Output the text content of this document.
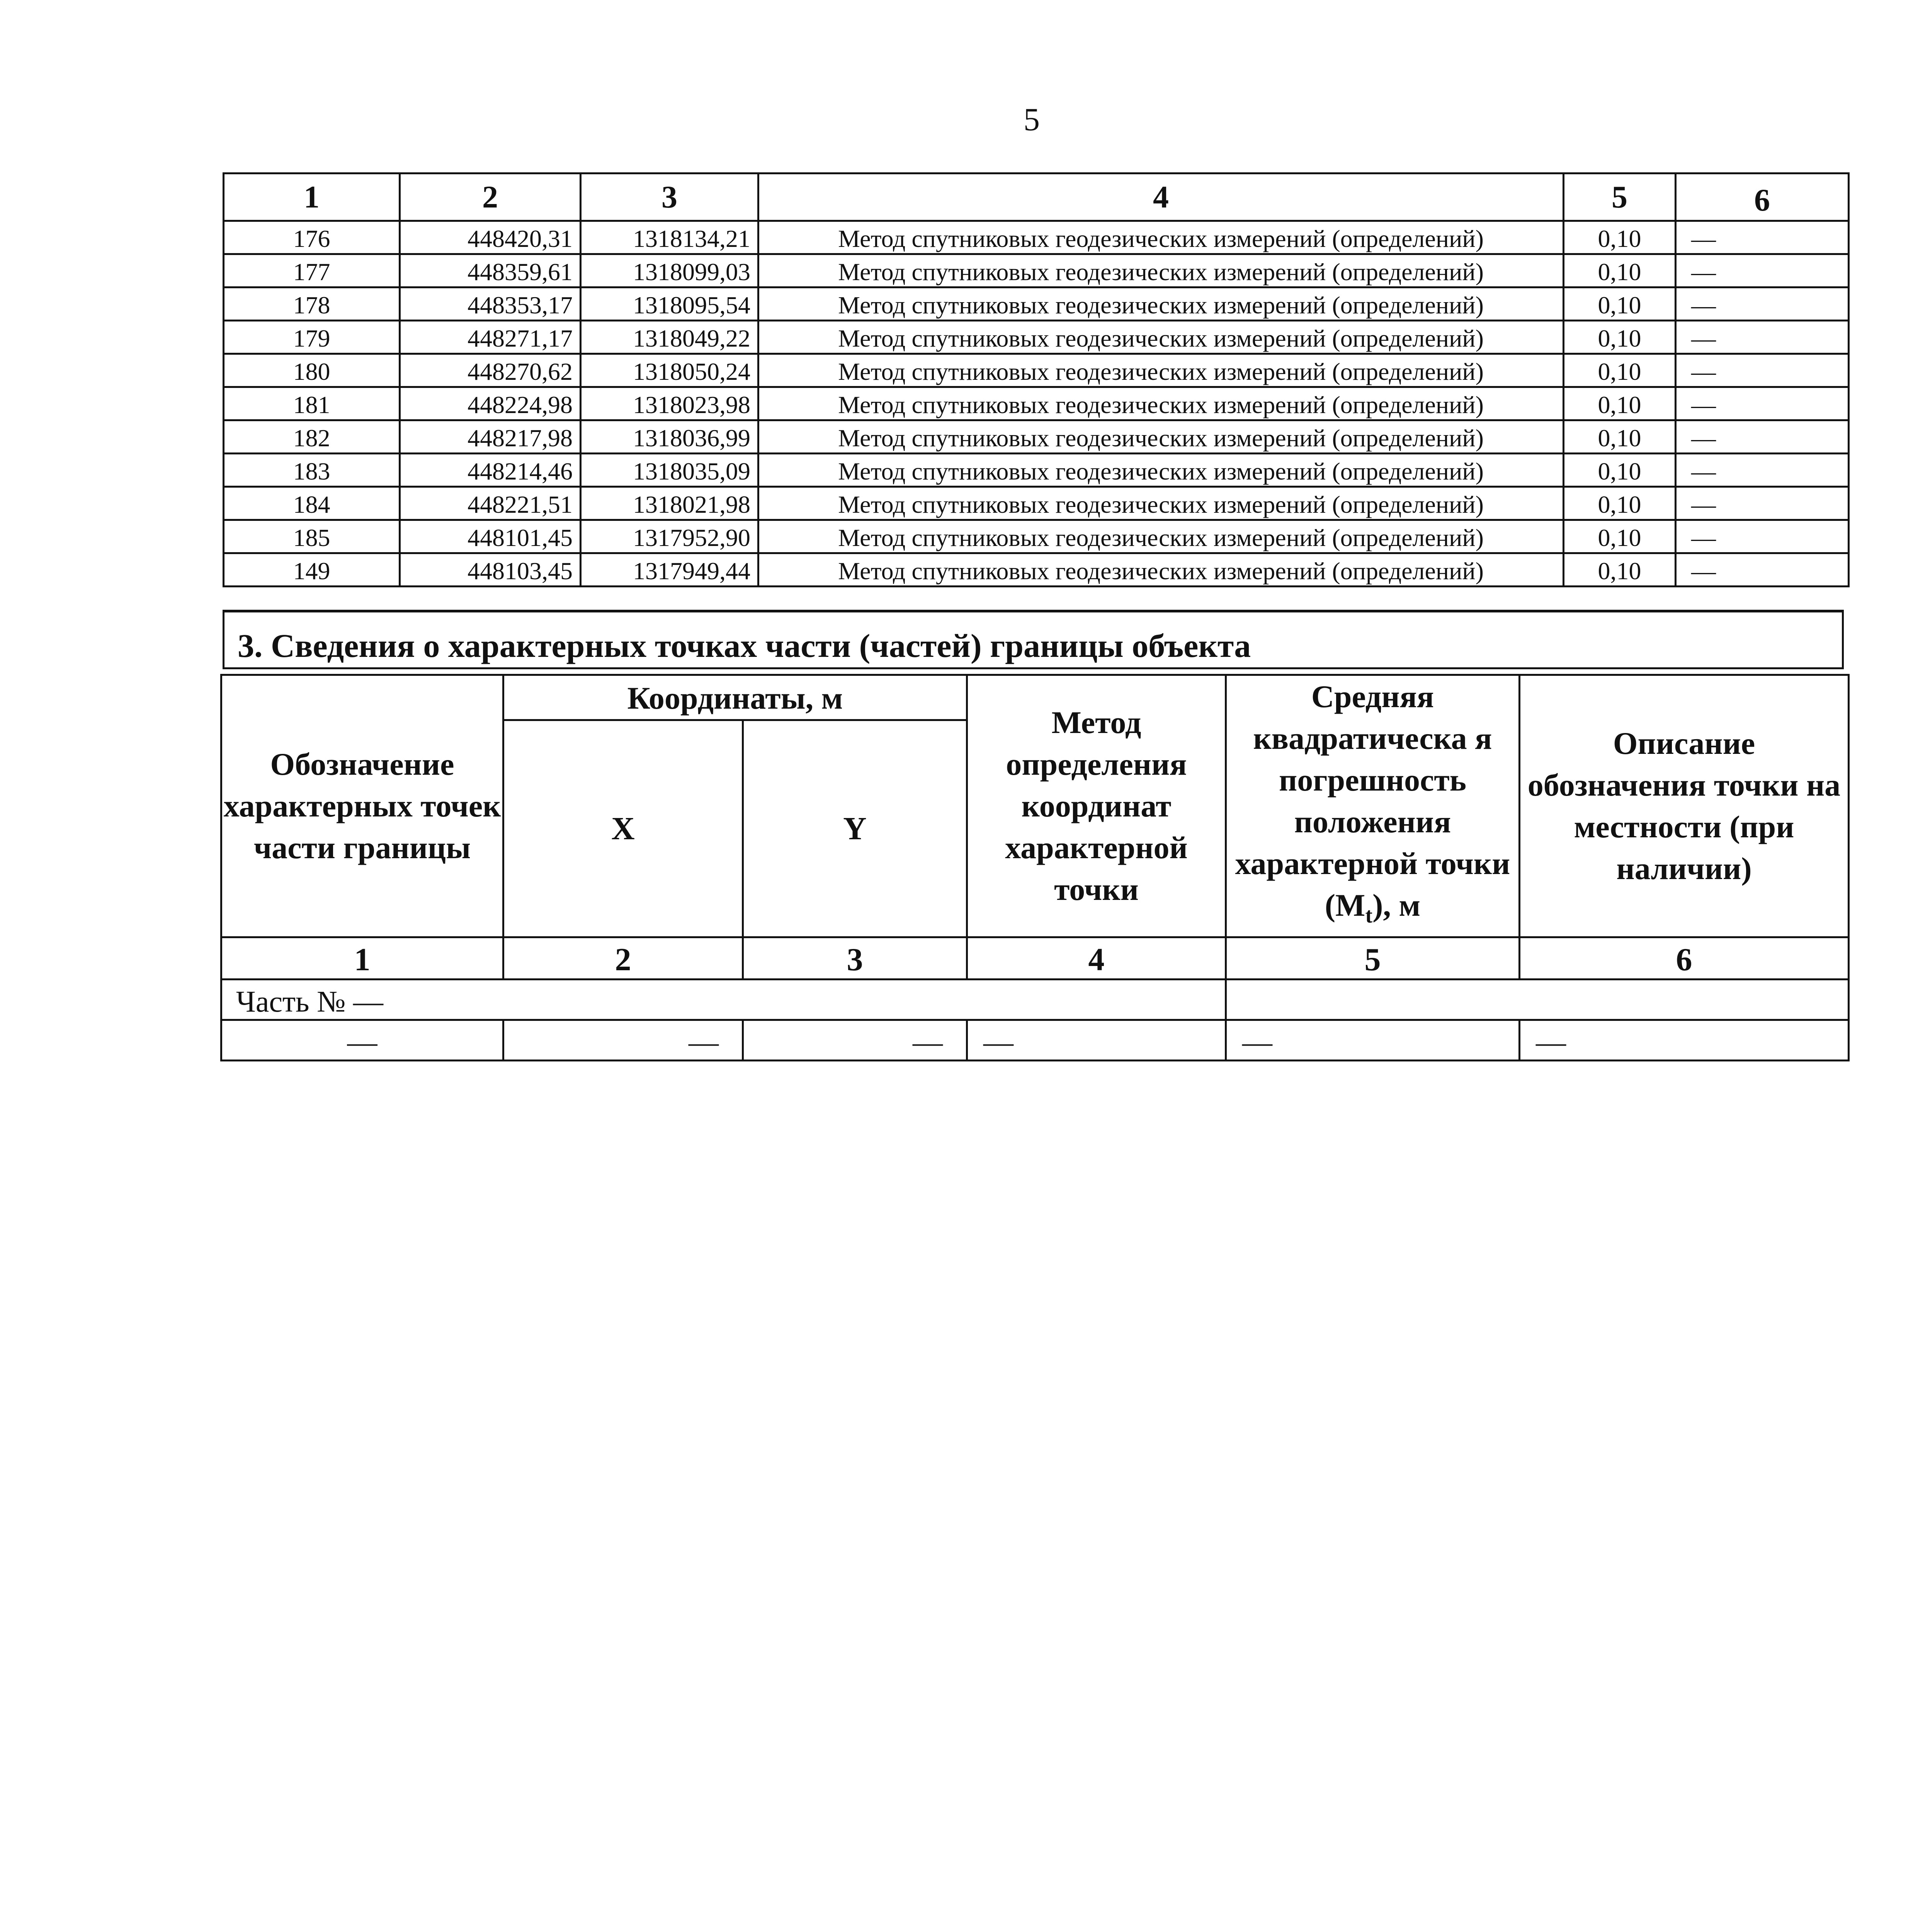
5
1	2	3	4	5	6
176	448420,31	1318134,21	Метод спутниковых геодезических измерений (определений)	0,10	—
177	448359,61	1318099,03	Метод спутниковых геодезических измерений (определений)	0,10	—
178	448353,17	1318095,54	Метод спутниковых геодезических измерений (определений)	0,10	—
179	448271,17	1318049,22	Метод спутниковых геодезических измерений (определений)	0,10	—
180	448270,62	1318050,24	Метод спутниковых геодезических измерений (определений)	0,10	—
181	448224,98	1318023,98	Метод спутниковых геодезических измерений (определений)	0,10	—
182	448217,98	1318036,99	Метод спутниковых геодезических измерений (определений)	0,10	—
183	448214,46	1318035,09	Метод спутниковых геодезических измерений (определений)	0,10	—
184	448221,51	1318021,98	Метод спутниковых геодезических измерений (определений)	0,10	—
185	448101,45	1317952,90	Метод спутниковых геодезических измерений (определений)	0,10	—
149	448103,45	1317949,44	Метод спутниковых геодезических измерений (определений)	0,10	—
3. Сведения о характерных точках части (частей) границы объекта
Обозначение характерных точек части границы	Координаты, м		Метод определения координат характерной точки	Средняя квадратическа я погрешность положения характерной точки $(M_t)$, м	Описание обозначения точки на местности (при наличии)
	X	Y			
1	2	3	4	5	6
Часть № —					
—	—	—	—	—	—
